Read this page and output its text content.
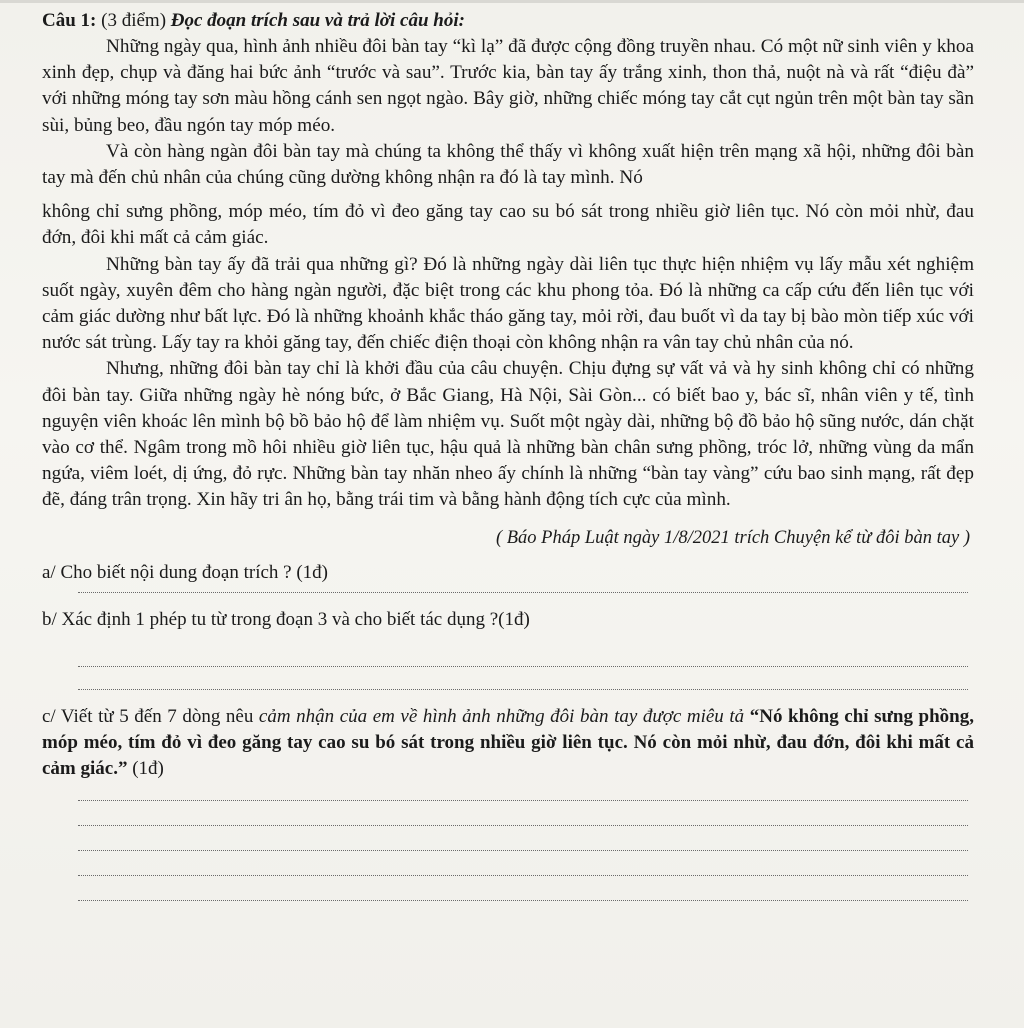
Câu 1: (3 điểm) Đọc đoạn trích sau và trả lời câu hỏi:

Những ngày qua, hình ảnh nhiều đôi bàn tay “kì lạ” đã được cộng đồng truyền nhau. Có một nữ sinh viên y khoa xinh đẹp, chụp và đăng hai bức ảnh “trước và sau”. Trước kia, bàn tay ấy trắng xinh, thon thả, nuột nà và rất “điệu đà” với những móng tay sơn màu hồng cánh sen ngọt ngào. Bây giờ, những chiếc móng tay cắt cụt ngủn trên một bàn tay sần sùi, bủng beo, đầu ngón tay móp méo.

Và còn hàng ngàn đôi bàn tay mà chúng ta không thể thấy vì không xuất hiện trên mạng xã hội, những đôi bàn tay mà đến chủ nhân của chúng cũng dường không nhận ra đó là tay mình. Nó

không chỉ sưng phồng, móp méo, tím đỏ vì đeo găng tay cao su bó sát trong nhiều giờ liên tục. Nó còn mỏi nhừ, đau đớn, đôi khi mất cả cảm giác.

Những bàn tay ấy đã trải qua những gì? Đó là những ngày dài liên tục thực hiện nhiệm vụ lấy mẫu xét nghiệm suốt ngày, xuyên đêm cho hàng ngàn người, đặc biệt trong các khu phong tỏa. Đó là những ca cấp cứu đến liên tục với cảm giác dường như bất lực. Đó là những khoảnh khắc tháo găng tay, mỏi rời, đau buốt vì da tay bị bào mòn tiếp xúc với nước sát trùng. Lấy tay ra khỏi găng tay, đến chiếc điện thoại còn không nhận ra vân tay chủ nhân của nó.

Nhưng, những đôi bàn tay chỉ là khởi đầu của câu chuyện. Chịu đựng sự vất vả và hy sinh không chỉ có những đôi bàn tay. Giữa những ngày hè nóng bức, ở Bắc Giang, Hà Nội, Sài Gòn... có biết bao y, bác sĩ, nhân viên y tế, tình nguyện viên khoác lên mình bộ bồ bảo hộ để làm nhiệm vụ. Suốt một ngày dài, những bộ đồ bảo hộ sũng nước, dán chặt vào cơ thể. Ngâm trong mồ hôi nhiều giờ liên tục, hậu quả là những bàn chân sưng phồng, tróc lở, những vùng da mẩn ngứa, viêm loét, dị ứng, đỏ rực. Những bàn tay nhăn nheo ấy chính là những “bàn tay vàng” cứu bao sinh mạng, rất đẹp đẽ, đáng trân trọng. Xin hãy tri ân họ, bằng trái tim và bằng hành động tích cực của mình.

( Báo Pháp Luật ngày 1/8/2021 trích Chuyện kể từ đôi bàn tay )

a/ Cho biết nội dung đoạn trích ? (1đ)

b/ Xác định 1 phép tu từ trong đoạn 3 và cho biết tác dụng ?(1đ)

c/ Viết từ 5 đến 7 dòng nêu cảm nhận của em về hình ảnh những đôi bàn tay được miêu tả “Nó không chỉ sưng phồng, móp méo, tím đỏ vì đeo găng tay cao su bó sát trong nhiều giờ liên tục. Nó còn mỏi nhừ, đau đớn, đôi khi mất cả cảm giác.” (1đ)
